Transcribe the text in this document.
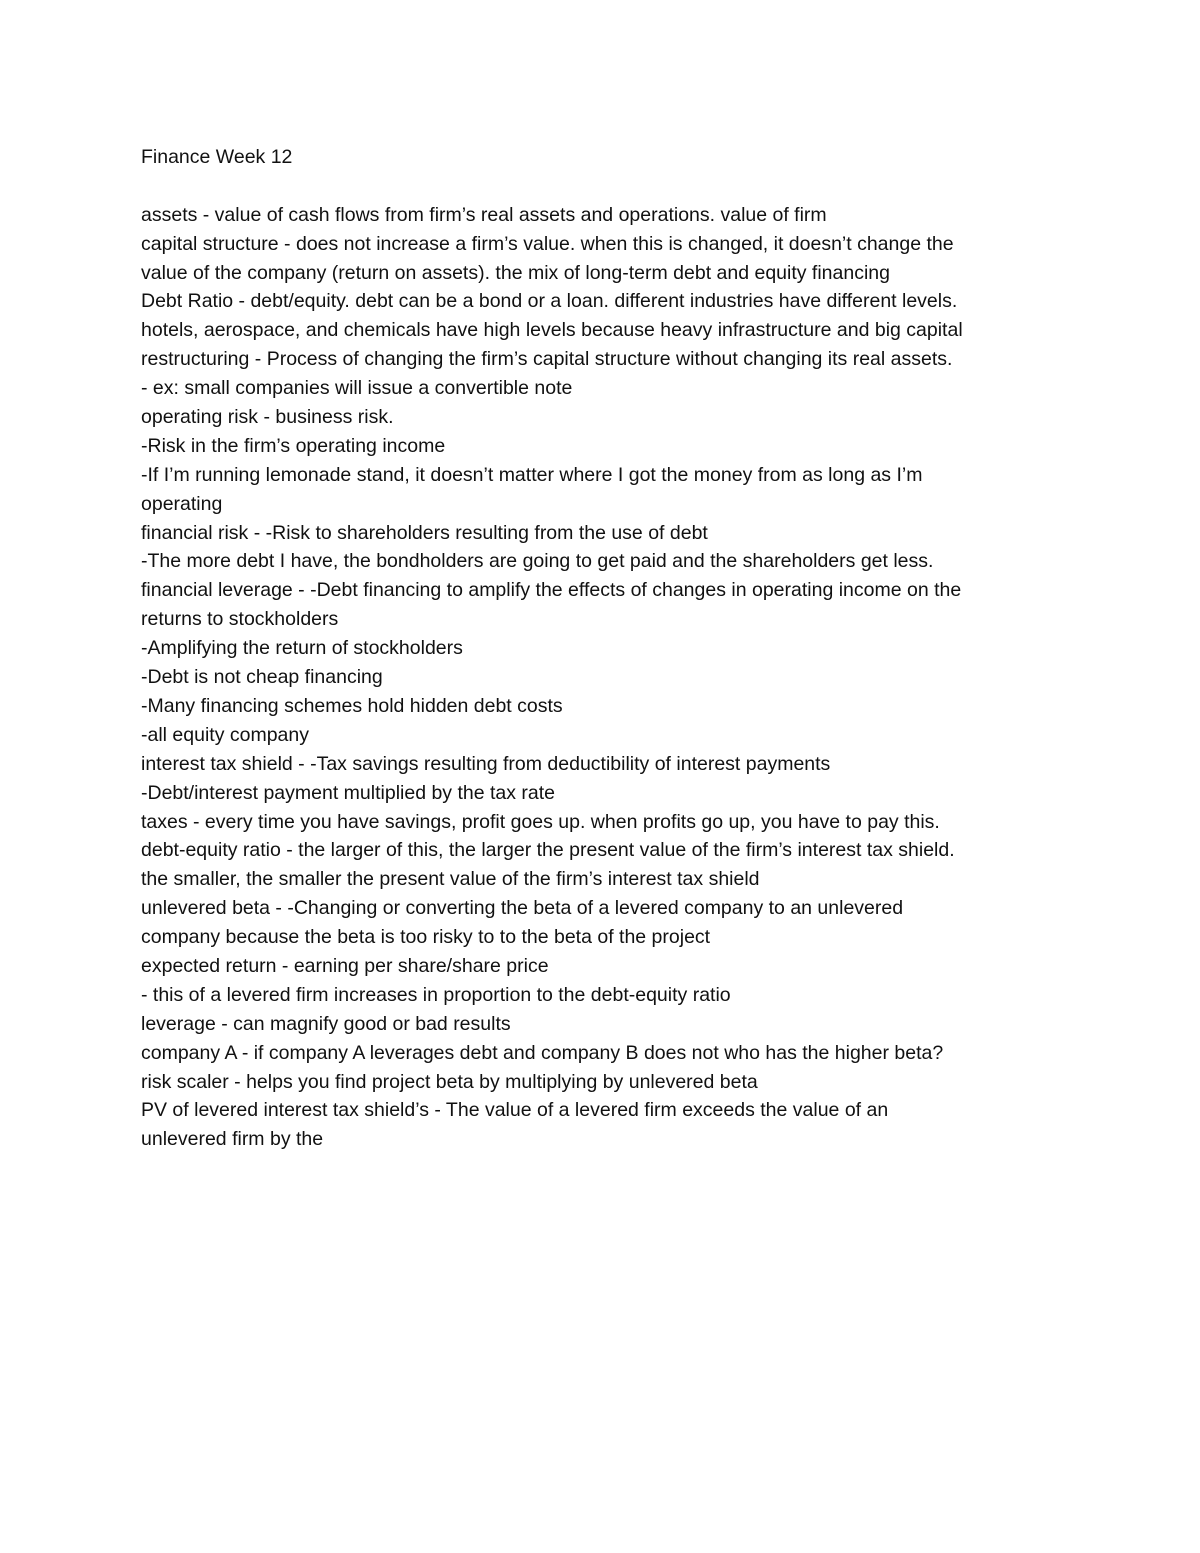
Finance Week 12
assets - value of cash flows from firm’s real assets and operations. value of firm
capital structure - does not increase a firm’s value. when this is changed, it doesn’t change the
value of the company (return on assets). the mix of long-term debt and equity financing
Debt Ratio - debt/equity. debt can be a bond or a loan. different industries have different levels.
hotels, aerospace, and chemicals have high levels because heavy infrastructure and big capital
restructuring - Process of changing the firm’s capital structure without changing its real assets.
- ex: small companies will issue a convertible note
operating risk - business risk.
-Risk in the firm’s operating income
-If I’m running lemonade stand, it doesn’t matter where I got the money from as long as I’m
operating
financial risk - -Risk to shareholders resulting from the use of debt
-The more debt I have, the bondholders are going to get paid and the shareholders get less.
financial leverage - -Debt financing to amplify the effects of changes in operating income on the
returns to stockholders
-Amplifying the return of stockholders
-Debt is not cheap financing
-Many financing schemes hold hidden debt costs
-all equity company
interest tax shield - -Tax savings resulting from deductibility of interest payments
-Debt/interest payment multiplied by the tax rate
taxes - every time you have savings, profit goes up. when profits go up, you have to pay this.
debt-equity ratio - the larger of this, the larger the present value of the firm’s interest tax shield.
the smaller, the smaller the present value of the firm’s interest tax shield
unlevered beta - -Changing or converting the beta of a levered company to an unlevered
company because the beta is too risky to to the beta of the project
expected return - earning per share/share price
- this of a levered firm increases in proportion to the debt-equity ratio
leverage - can magnify good or bad results
company A - if company A leverages debt and company B does not who has the higher beta?
risk scaler - helps you find project beta by multiplying by unlevered beta
PV of levered interest tax shield’s - The value of a levered firm exceeds the value of an
unlevered firm by the
